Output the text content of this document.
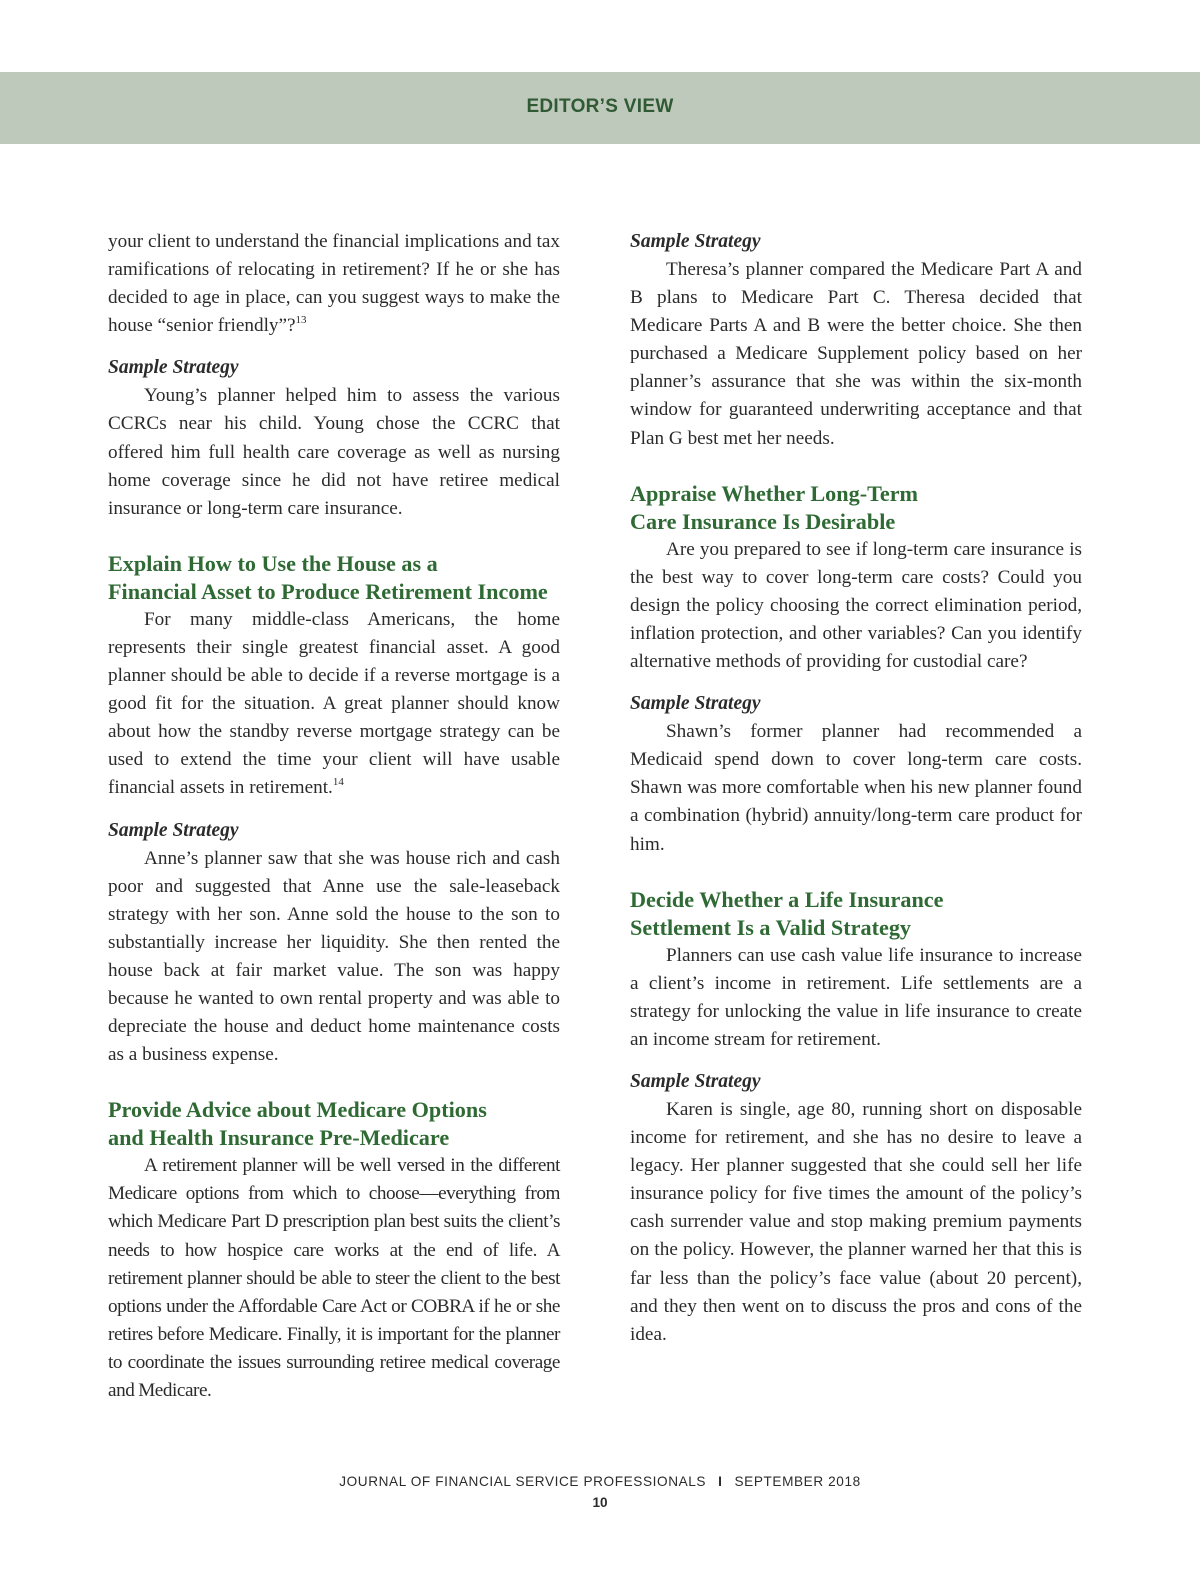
EDITOR’S VIEW

your client to understand the financial implications and tax ramifications of relocating in retirement? If he or she has decided to age in place, can you suggest ways to make the house “senior friendly”?$^{13}$

Sample Strategy

Young’s planner helped him to assess the various CCRCs near his child. Young chose the CCRC that offered him full health care coverage as well as nursing home coverage since he did not have retiree medical insurance or long-term care insurance.

Explain How to Use the House as a
Financial Asset to Produce Retirement Income

For many middle-class Americans, the home represents their single greatest financial asset. A good planner should be able to decide if a reverse mortgage is a good fit for the situation. A great planner should know about how the standby reverse mortgage strategy can be used to extend the time your client will have usable financial assets in retirement.$^{14}$

Sample Strategy

Anne’s planner saw that she was house rich and cash poor and suggested that Anne use the sale-leaseback strategy with her son. Anne sold the house to the son to substantially increase her liquidity. She then rented the house back at fair market value. The son was happy because he wanted to own rental property and was able to depreciate the house and deduct home maintenance costs as a business expense.

Provide Advice about Medicare Options
and Health Insurance Pre-Medicare

A retirement planner will be well versed in the different Medicare options from which to choose—everything from which Medicare Part D prescription plan best suits the client’s needs to how hospice care works at the end of life. A retirement planner should be able to steer the client to the best options under the Affordable Care Act or COBRA if he or she retires before Medicare. Finally, it is important for the planner to coordinate the issues surrounding retiree medical coverage and Medicare.

Sample Strategy

Theresa’s planner compared the Medicare Part A and B plans to Medicare Part C. Theresa decided that Medicare Parts A and B were the better choice. She then purchased a Medicare Supplement policy based on her planner’s assurance that she was within the six-month window for guaranteed underwriting acceptance and that Plan G best met her needs.

Appraise Whether Long-Term
Care Insurance Is Desirable

Are you prepared to see if long-term care insurance is the best way to cover long-term care costs? Could you design the policy choosing the correct elimination period, inflation protection, and other variables? Can you identify alternative methods of providing for custodial care?

Sample Strategy

Shawn’s former planner had recommended a Medicaid spend down to cover long-term care costs. Shawn was more comfortable when his new planner found a combination (hybrid) annuity/long-term care product for him.

Decide Whether a Life Insurance
Settlement Is a Valid Strategy

Planners can use cash value life insurance to increase a client’s income in retirement. Life settlements are a strategy for unlocking the value in life insurance to create an income stream for retirement.

Sample Strategy

Karen is single, age 80, running short on disposable income for retirement, and she has no desire to leave a legacy. Her planner suggested that she could sell her life insurance policy for five times the amount of the policy’s cash surrender value and stop making premium payments on the policy. However, the planner warned her that this is far less than the policy’s face value (about 20 percent), and they then went on to discuss the pros and cons of the idea.

JOURNAL OF FINANCIAL SERVICE PROFESSIONALS I SEPTEMBER 2018
10
